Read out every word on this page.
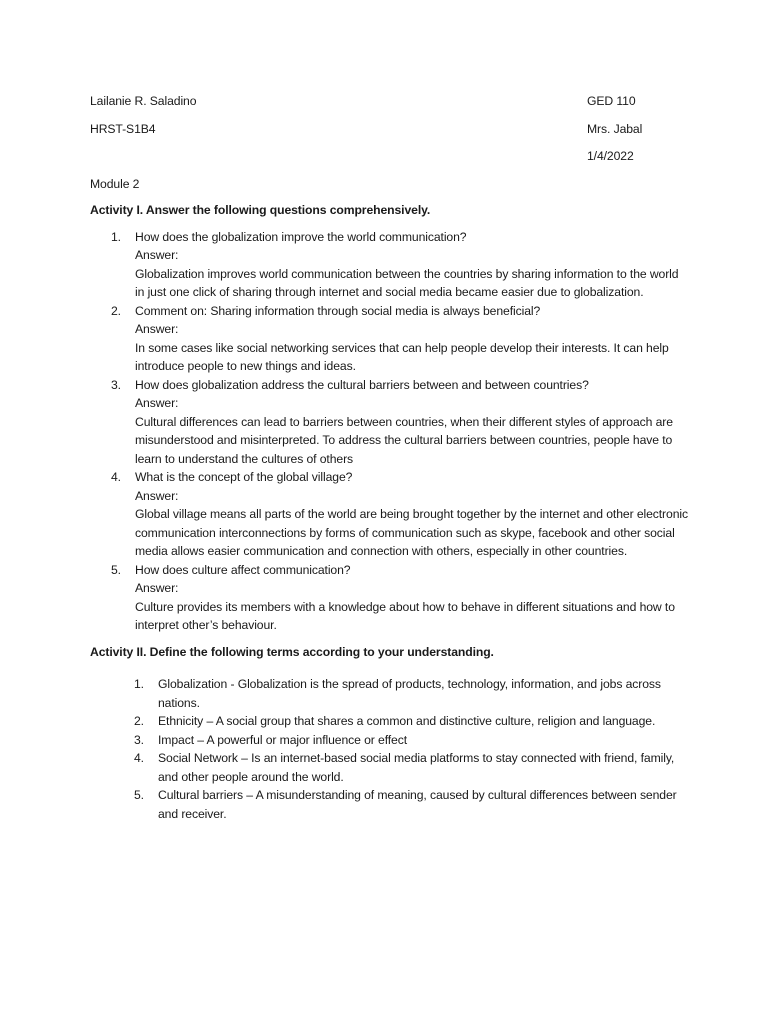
Lailanie R. Saladino	GED 110
HRST-S1B4	Mrs. Jabal
1/4/2022
Module 2
Activity I. Answer the following questions comprehensively.
1. How does the globalization improve the world communication?
Answer:
Globalization improves world communication between the countries by sharing information to the world in just one click of sharing through internet and social media became easier due to globalization.
2. Comment on: Sharing information through social media is always beneficial?
Answer:
In some cases like social networking services that can help people develop their interests. It can help introduce people to new things and ideas.
3. How does globalization address the cultural barriers between and between countries?
Answer:
Cultural differences can lead to barriers between countries, when their different styles of approach are misunderstood and misinterpreted. To address the cultural barriers between countries, people have to learn to understand the cultures of others
4. What is the concept of the global village?
Answer:
Global village means all parts of the world are being brought together by the internet and other electronic communication interconnections by forms of communication such as skype, facebook and other social media allows easier communication and connection with others, especially in other countries.
5. How does culture affect communication?
Answer:
Culture provides its members with a knowledge about how to behave in different situations and how to interpret other’s behaviour.
Activity II. Define the following terms according to your understanding.
1. Globalization - Globalization is the spread of products, technology, information, and jobs across nations.
2. Ethnicity – A social group that shares a common and distinctive culture, religion and language.
3. Impact – A powerful or major influence or effect
4. Social Network – Is an internet-based social media platforms to stay connected with friend, family, and other people around the world.
5. Cultural barriers – A misunderstanding of meaning, caused by cultural differences between sender and receiver.
